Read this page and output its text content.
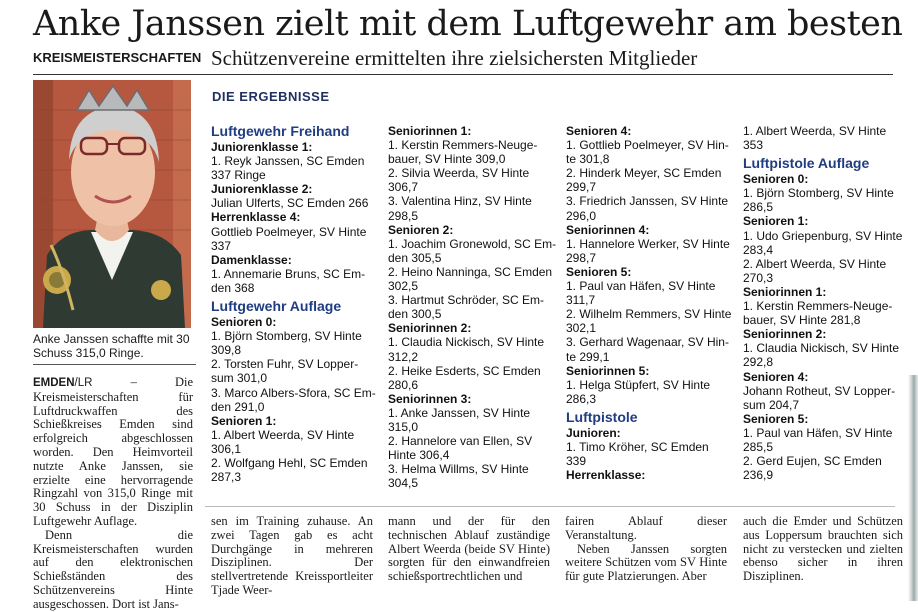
Anke Janssen zielt mit dem Luftgewehr am besten
KREISMEISTERSCHAFTEN Schützenvereine ermittelten ihre zielsichersten Mitglieder
Anke Janssen schaffte mit 30 Schuss 315,0 Ringe.

EMDEN/LR – Die Kreismeisterschaften für Luftdruckwaffen des Schießkreises Emden sind erfolgreich abgeschlossen worden. Den Heimvorteil nutzte Anke Janssen, sie erzielte eine hervorragende Ringzahl von 315,0 Ringe mit 30 Schuss in der Disziplin Luftgewehr Auflage.

Denn die Kreismeisterschaften wurden auf den elektronischen Schießständen des Schützenvereins Hinte ausgeschossen. Dort ist Jans-

sen im Training zuhause. An zwei Tagen gab es acht Durchgänge in mehreren Disziplinen. Der stellvertretende Kreissportleiter Tjade Weer-

mann und der für den technischen Ablauf zuständige Albert Weerda (beide SV Hinte) sorgten für den einwandfreien schießsportrechtlichen und

fairen Ablauf dieser Veranstaltung.

Neben Janssen sorgten weitere Schützen vom SV Hinte für gute Platzierungen. Aber

auch die Emder und Schützen aus Loppersum brauchten sich nicht zu verstecken und zielten ebenso sicher in ihren Disziplinen.

DIE ERGEBNISSE
Luftgewehr Freihand
Juniorenklasse 1:
1. Reyk Janssen, SC Emden
337 Ringe
Juniorenklasse 2:
Julian Ulferts, SC Emden 266
Herrenklasse 4:
Gottlieb Poelmeyer, SV Hinte
337
Damenklasse:
1. Annemarie Bruns, SC Em-
den 368
Luftgewehr Auflage
Senioren 0:
1. Björn Stomberg, SV Hinte
309,8
2. Torsten Fuhr, SV Lopper-
sum 301,0
3. Marco Albers-Sfora, SC Em-
den 291,0
Senioren 1:
1. Albert Weerda, SV Hinte
306,1
2. Wolfgang Hehl, SC Emden
287,3
Seniorinnen 1:
1. Kerstin Remmers-Neuge-
bauer, SV Hinte 309,0
2. Silvia Weerda, SV Hinte
306,7
3. Valentina Hinz, SV Hinte
298,5
Senioren 2:
1. Joachim Gronewold, SC Em-
den 305,5
2. Heino Nanninga, SC Emden
302,5
3. Hartmut Schröder, SC Em-
den 300,5
Seniorinnen 2:
1. Claudia Nickisch, SV Hinte
312,2
2. Heike Esderts, SC Emden
280,6
Seniorinnen 3:
1. Anke Janssen, SV Hinte
315,0
2. Hannelore van Ellen, SV
Hinte 306,4
3. Helma Willms, SV Hinte
304,5
Senioren 4:
1. Gottlieb Poelmeyer, SV Hin-
te 301,8
2. Hinderk Meyer, SC Emden
299,7
3. Friedrich Janssen, SV Hinte
296,0
Seniorinnen 4:
1. Hannelore Werker, SV Hinte
298,7
Senioren 5:
1. Paul van Häfen, SV Hinte
311,7
2. Wilhelm Remmers, SV Hinte
302,1
3. Gerhard Wagenaar, SV Hin-
te 299,1
Seniorinnen 5:
1. Helga Stüpfert, SV Hinte
286,3
Luftpistole
Junioren:
1. Timo Kröher, SC Emden
339
Herrenklasse:
1. Albert Weerda, SV Hinte
353
Luftpistole Auflage
Senioren 0:
1. Björn Stomberg, SV Hinte
286,5
Senioren 1:
1. Udo Griepenburg, SV Hinte
283,4
2. Albert Weerda, SV Hinte
270,3
Seniorinnen 1:
1. Kerstin Remmers-Neuge-
bauer, SV Hinte 281,8
Seniorinnen 2:
1. Claudia Nickisch, SV Hinte
292,8
Senioren 4:
Johann Rotheut, SV Lopper-
sum 204,7
Senioren 5:
1. Paul van Häfen, SV Hinte
285,5
2. Gerd Eujen, SC Emden
236,9
